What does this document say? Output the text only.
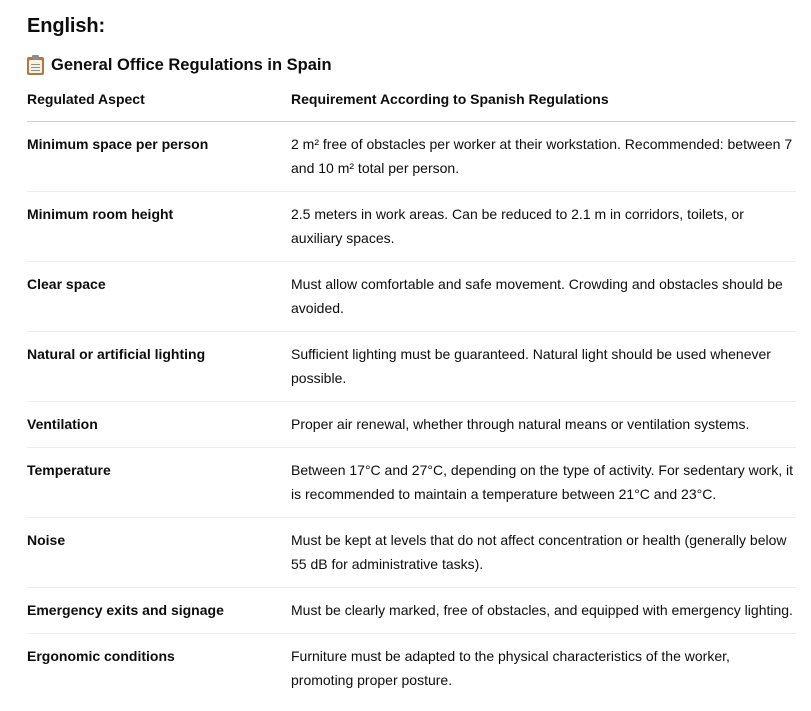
English:
General Office Regulations in Spain
Regulated Aspect	Requirement According to Spanish Regulations
Minimum space per person	2 m² free of obstacles per worker at their workstation. Recommended: between 7 and 10 m² total per person.
Minimum room height	2.5 meters in work areas. Can be reduced to 2.1 m in corridors, toilets, or auxiliary spaces.
Clear space	Must allow comfortable and safe movement. Crowding and obstacles should be avoided.
Natural or artificial lighting	Sufficient lighting must be guaranteed. Natural light should be used whenever possible.
Ventilation	Proper air renewal, whether through natural means or ventilation systems.
Temperature	Between 17°C and 27°C, depending on the type of activity. For sedentary work, it is recommended to maintain a temperature between 21°C and 23°C.
Noise	Must be kept at levels that do not affect concentration or health (generally below 55 dB for administrative tasks).
Emergency exits and signage	Must be clearly marked, free of obstacles, and equipped with emergency lighting.
Ergonomic conditions	Furniture must be adapted to the physical characteristics of the worker, promoting proper posture.
